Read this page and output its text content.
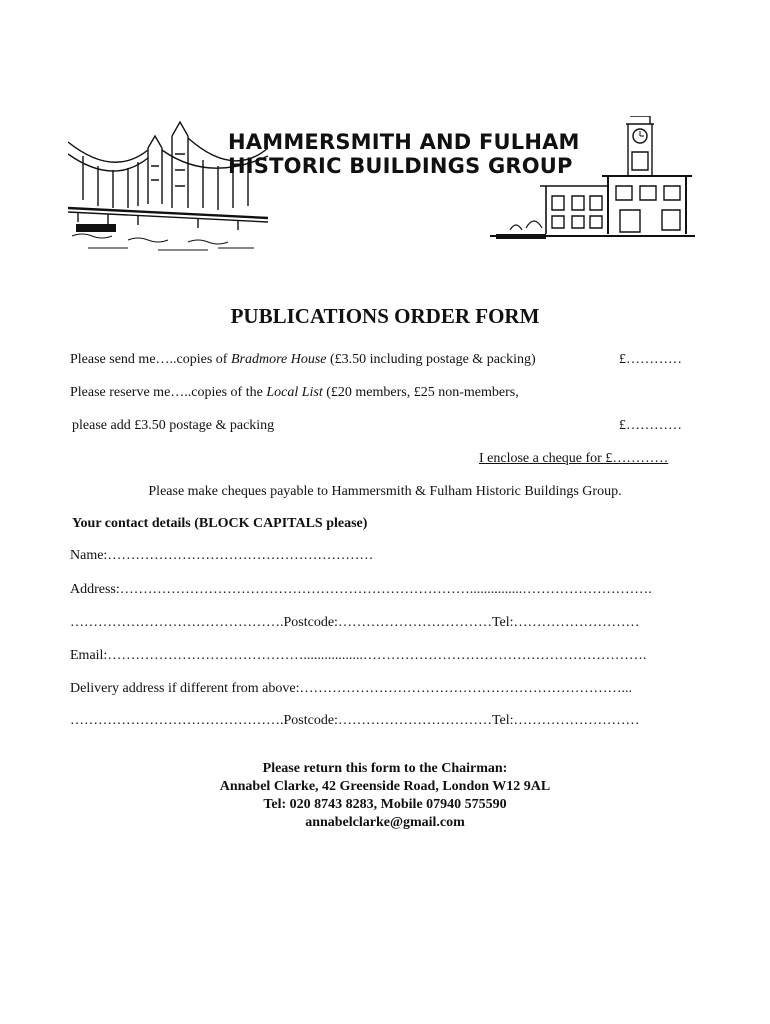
HAMMERSMITH AND FULHAM
HISTORIC BUILDINGS GROUP
PUBLICATIONS ORDER FORM
Please send me…..copies of Bradmore House (£3.50 including postage & packing)	£…………
Please reserve me…..copies of the Local List (£20 members, £25 non-members,
please add £3.50 postage & packing	£…………
I enclose a cheque for £…………
Please make cheques payable to Hammersmith & Fulham Historic Buildings Group.
Your contact details (BLOCK CAPITALS please)
Name:…………………………………………………
Address:…………………………………………………………………...............……………………….
……………………………………….Postcode:……………………………Tel:………………………
Email:…………………………………….................…………………………………………………….
Delivery address if different from above:……………………………………………………………...
……………………………………….Postcode:……………………………Tel:………………………
Please return this form to the Chairman:
Annabel Clarke, 42 Greenside Road, London W12 9AL
Tel: 020 8743 8283, Mobile 07940 575590
annabelclarke@gmail.com
